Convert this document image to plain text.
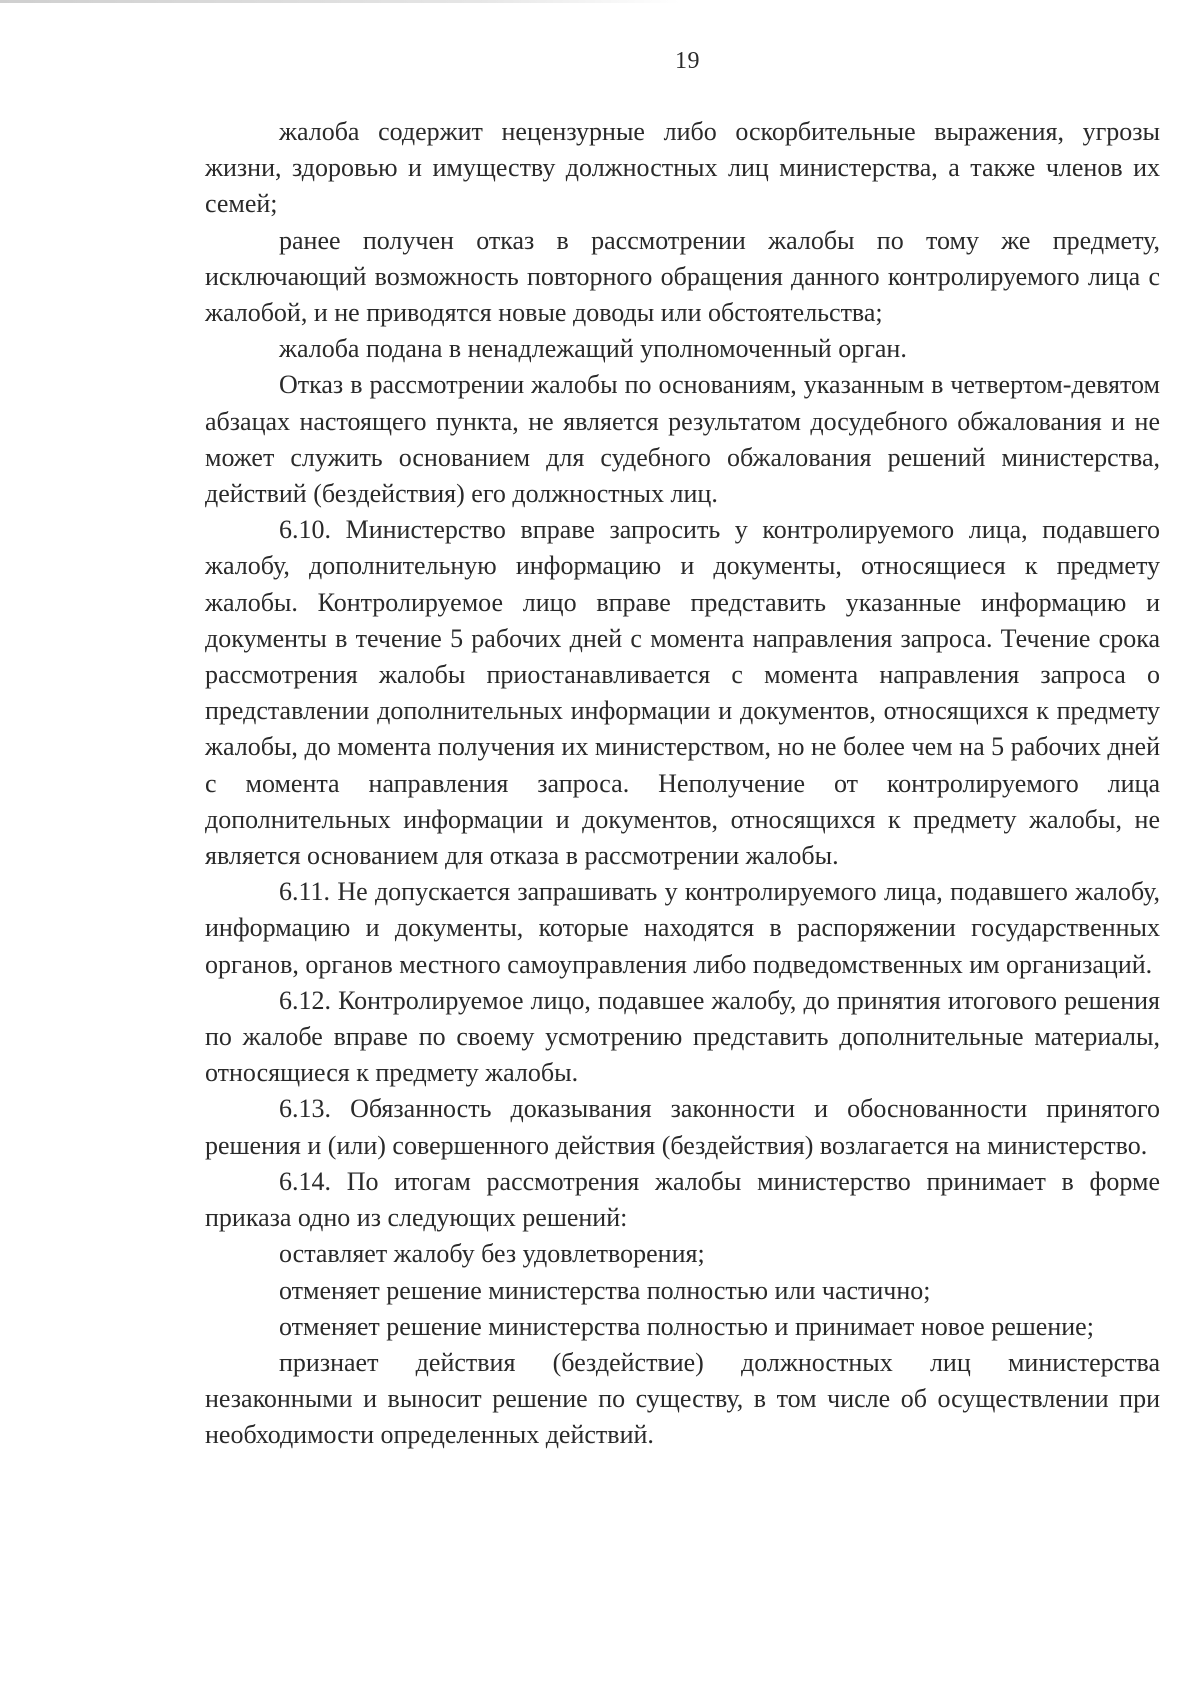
19

жалоба содержит нецензурные либо оскорбительные выражения, угрозы жизни, здоровью и имуществу должностных лиц министерства, а также членов их семей;

ранее получен отказ в рассмотрении жалобы по тому же предмету, исключающий возможность повторного обращения данного контролируемого лица с жалобой, и не приводятся новые доводы или обстоятельства;

жалоба подана в ненадлежащий уполномоченный орган.

Отказ в рассмотрении жалобы по основаниям, указанным в четвертом-девятом абзацах настоящего пункта, не является результатом досудебного обжалования и не может служить основанием для судебного обжалования решений министерства, действий (бездействия) его должностных лиц.

6.10. Министерство вправе запросить у контролируемого лица, подавшего жалобу, дополнительную информацию и документы, относящиеся к предмету жалобы. Контролируемое лицо вправе представить указанные информацию и документы в течение 5 рабочих дней с момента направления запроса. Течение срока рассмотрения жалобы приостанавливается с момента направления запроса о представлении дополнительных информации и документов, относящихся к предмету жалобы, до момента получения их министерством, но не более чем на 5 рабочих дней с момента направления запроса. Неполучение от контролируемого лица дополнительных информации и документов, относящихся к предмету жалобы, не является основанием для отказа в рассмотрении жалобы.

6.11. Не допускается запрашивать у контролируемого лица, подавшего жалобу, информацию и документы, которые находятся в распоряжении государственных органов, органов местного самоуправления либо подведомственных им организаций.

6.12. Контролируемое лицо, подавшее жалобу, до принятия итогового решения по жалобе вправе по своему усмотрению представить дополнительные материалы, относящиеся к предмету жалобы.

6.13. Обязанность доказывания законности и обоснованности принятого решения и (или) совершенного действия (бездействия) возлагается на министерство.

6.14. По итогам рассмотрения жалобы министерство принимает в форме приказа одно из следующих решений:

оставляет жалобу без удовлетворения;

отменяет решение министерства полностью или частично;

отменяет решение министерства полностью и принимает новое решение;

признает действия (бездействие) должностных лиц министерства незаконными и выносит решение по существу, в том числе об осуществлении при необходимости определенных действий.
